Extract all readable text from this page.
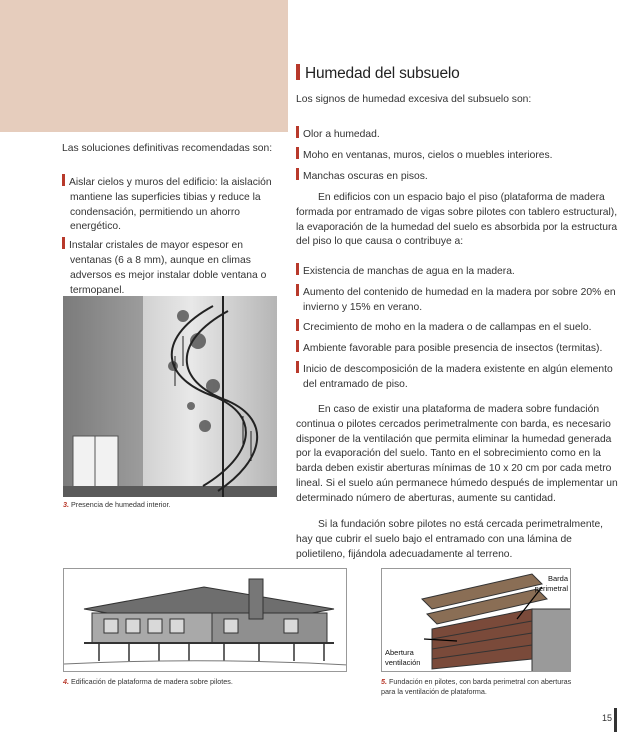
Las soluciones definitivas recomendadas son:
Aislar cielos y muros del edificio: la aislación mantiene las superficies tibias y reduce la condensación, permitiendo un ahorro energético.
Instalar cristales de mayor espesor en ventanas (6 a 8 mm), aunque en climas adversos es mejor instalar doble ventana o termopanel.
3. Presencia de humedad interior.
Humedad del subsuelo
Los signos de humedad excesiva del subsuelo son:
Olor a humedad.
Moho en ventanas, muros, cielos o muebles interiores.
Manchas oscuras en pisos.
En edificios con un espacio bajo el piso (plataforma de madera formada por entramado de vigas sobre pilotes con tablero estructural), la evaporación de la humedad del suelo es absorbida por la estructura del piso lo que causa o contribuye a:
Existencia de manchas de agua en la madera.
Aumento del contenido de humedad en la madera por sobre 20% en invierno y 15% en verano.
Crecimiento de moho en la madera o de callampas en el suelo.
Ambiente favorable para posible presencia de insectos (termitas).
Inicio de descomposición de la madera existente en algún elemento del entramado de piso.
En caso de existir una plataforma de madera sobre fundación continua o pilotes cercados perimetralmente con barda, es necesario disponer de la ventilación que permita eliminar la humedad generada por la evaporación del suelo. Tanto en el sobrecimiento como en la barda deben existir aberturas mínimas de 10 x 20 cm por cada metro lineal. Si el suelo aún permanece húmedo después de implementar un determinado número de aberturas, aumente su cantidad.
Si la fundación sobre pilotes no está cercada perimetralmente, hay que cubrir el suelo bajo el entramado con una lámina de polietileno, fijándola adecuadamente al terreno.
4. Edificación de plataforma de madera sobre pilotes.
Barda
perimetral
Abertura
ventilación
5. Fundación en pilotes, con barda perimetral con aberturas para la ventilación de plataforma.
15
